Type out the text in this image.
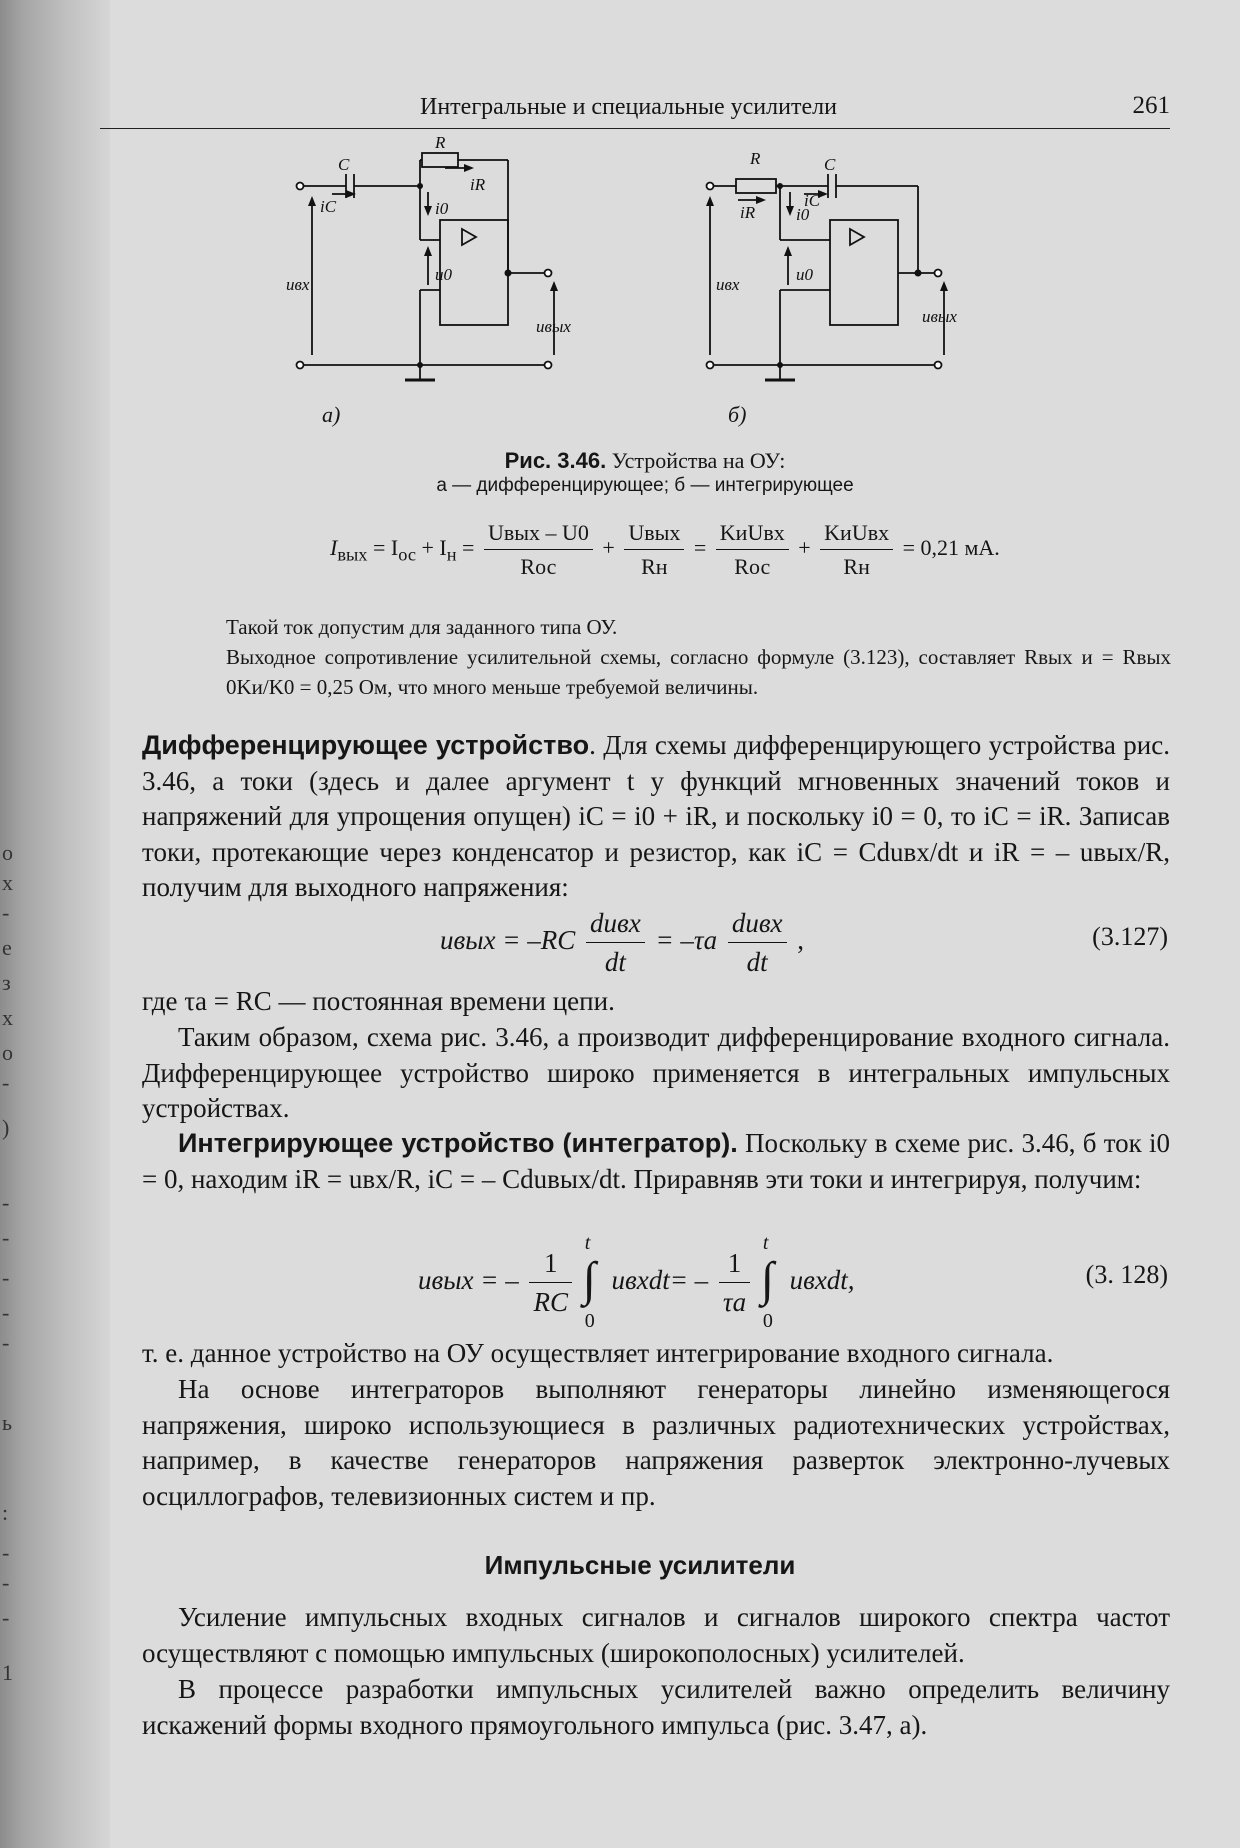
о
х
-
е
з
х
о
-
)
-
-
-
-
-
ь
:
-
-
-
1
Интегральные и специальные усилители	261
C
R
iC	i0
iR
uвх
u0
uвых
R	C
iC
i0
iR
uвх
u0
uвых
a)	б)
Рис. 3.46. Устройства на ОУ:
а — дифференцирующее; б — интегрирующее
$I_{вых} = I_{ос} + I_н$ =
Uвых – U0
Rос
+
Uвых
Rн
=
KиUвх
Rос
+
KиUвх
Rн
= 0,21 мА.

Такой ток допустим для заданного типа ОУ.

Выходное сопротивление усилительной схемы, согласно формуле (3.123), составляет Rвых и = Rвых 0Kи/K0 = 0,25 Ом, что много меньше требуемой величины.

Дифференцирующее устройство. Для схемы дифференцирующего устройства рис. 3.46, а токи (здесь и далее аргумент t у функций мгновенных значений токов и напряжений для упрощения опущен) iC = i0 + iR, и поскольку i0 = 0, то iC = iR. Записав токи, протекающие через конденсатор и резистор, как iC = Cduвх/dt и iR = – uвых/R, получим для выходного напряжения:

uвых = –RC
duвх
dt
= –τa
duвх
dt
,	(3.127)

где τa = RC — постоянная времени цепи.

Таким образом, схема рис. 3.46, а производит дифференцирование входного сигнала. Дифференцирующее устройство широко применяется в интегральных импульсных устройствах.

Интегрирующее устройство (интегратор). Поскольку в схеме рис. 3.46, б ток i0 = 0, находим iR = uвх/R, iC = – Cduвых/dt. Приравняв эти токи и интегрируя, получим:

uвых = – $\frac{1}{RC}$

t
∫
0
uвхdt= – $\frac{1}{\tau a}$

t
∫
0
uвхdt,	(3. 128)

т. е. данное устройство на ОУ осуществляет интегрирование входного сигнала.

На основе интеграторов выполняют генераторы линейно изменяющегося напряжения, широко использующиеся в различных радиотехнических устройствах, например, в качестве генераторов напряжения разверток электронно-лучевых осциллографов, телевизионных систем и пр.

Импульсные усилители

Усиление импульсных входных сигналов и сигналов широкого спектра частот осуществляют с помощью импульсных (широкополосных) усилителей.

В процессе разработки импульсных усилителей важно определить величину искажений формы входного прямоугольного импульса (рис. 3.47, а).
